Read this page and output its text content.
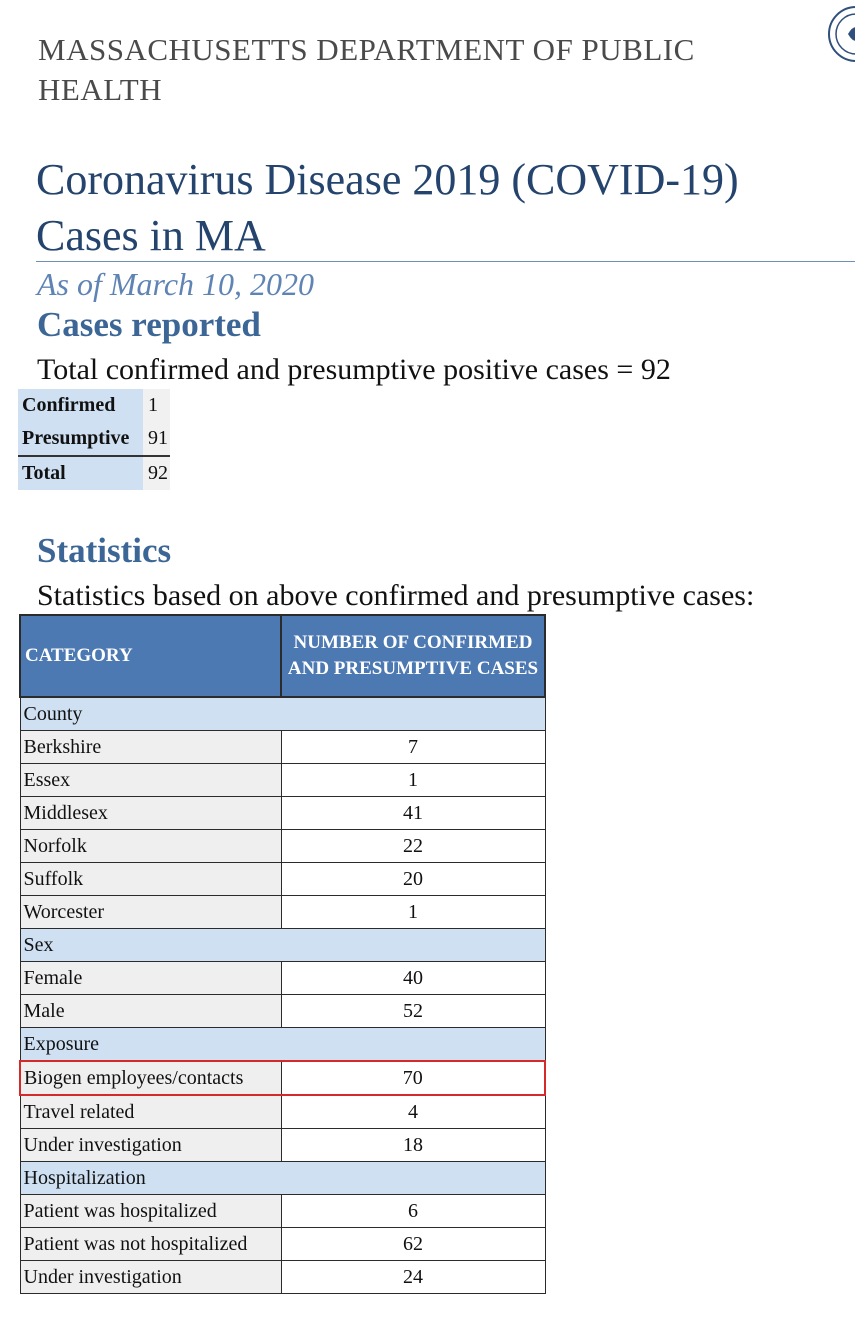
MASSACHUSETTS DEPARTMENT OF PUBLIC HEALTH
Coronavirus Disease 2019 (COVID-19) Cases in MA
As of March 10, 2020
Cases reported
Total confirmed and presumptive positive cases = 92
Confirmed	1
Presumptive	91
Total	92
Statistics
Statistics based on above confirmed and presumptive cases:
CATEGORY	NUMBER OF CONFIRMED AND PRESUMPTIVE CASES
County	
Berkshire	7
Essex	1
Middlesex	41
Norfolk	22
Suffolk	20
Worcester	1
Sex	
Female	40
Male	52
Exposure	
Biogen employees/contacts	70
Travel related	4
Under investigation	18
Hospitalization	
Patient was hospitalized	6
Patient was not hospitalized	62
Under investigation	24
